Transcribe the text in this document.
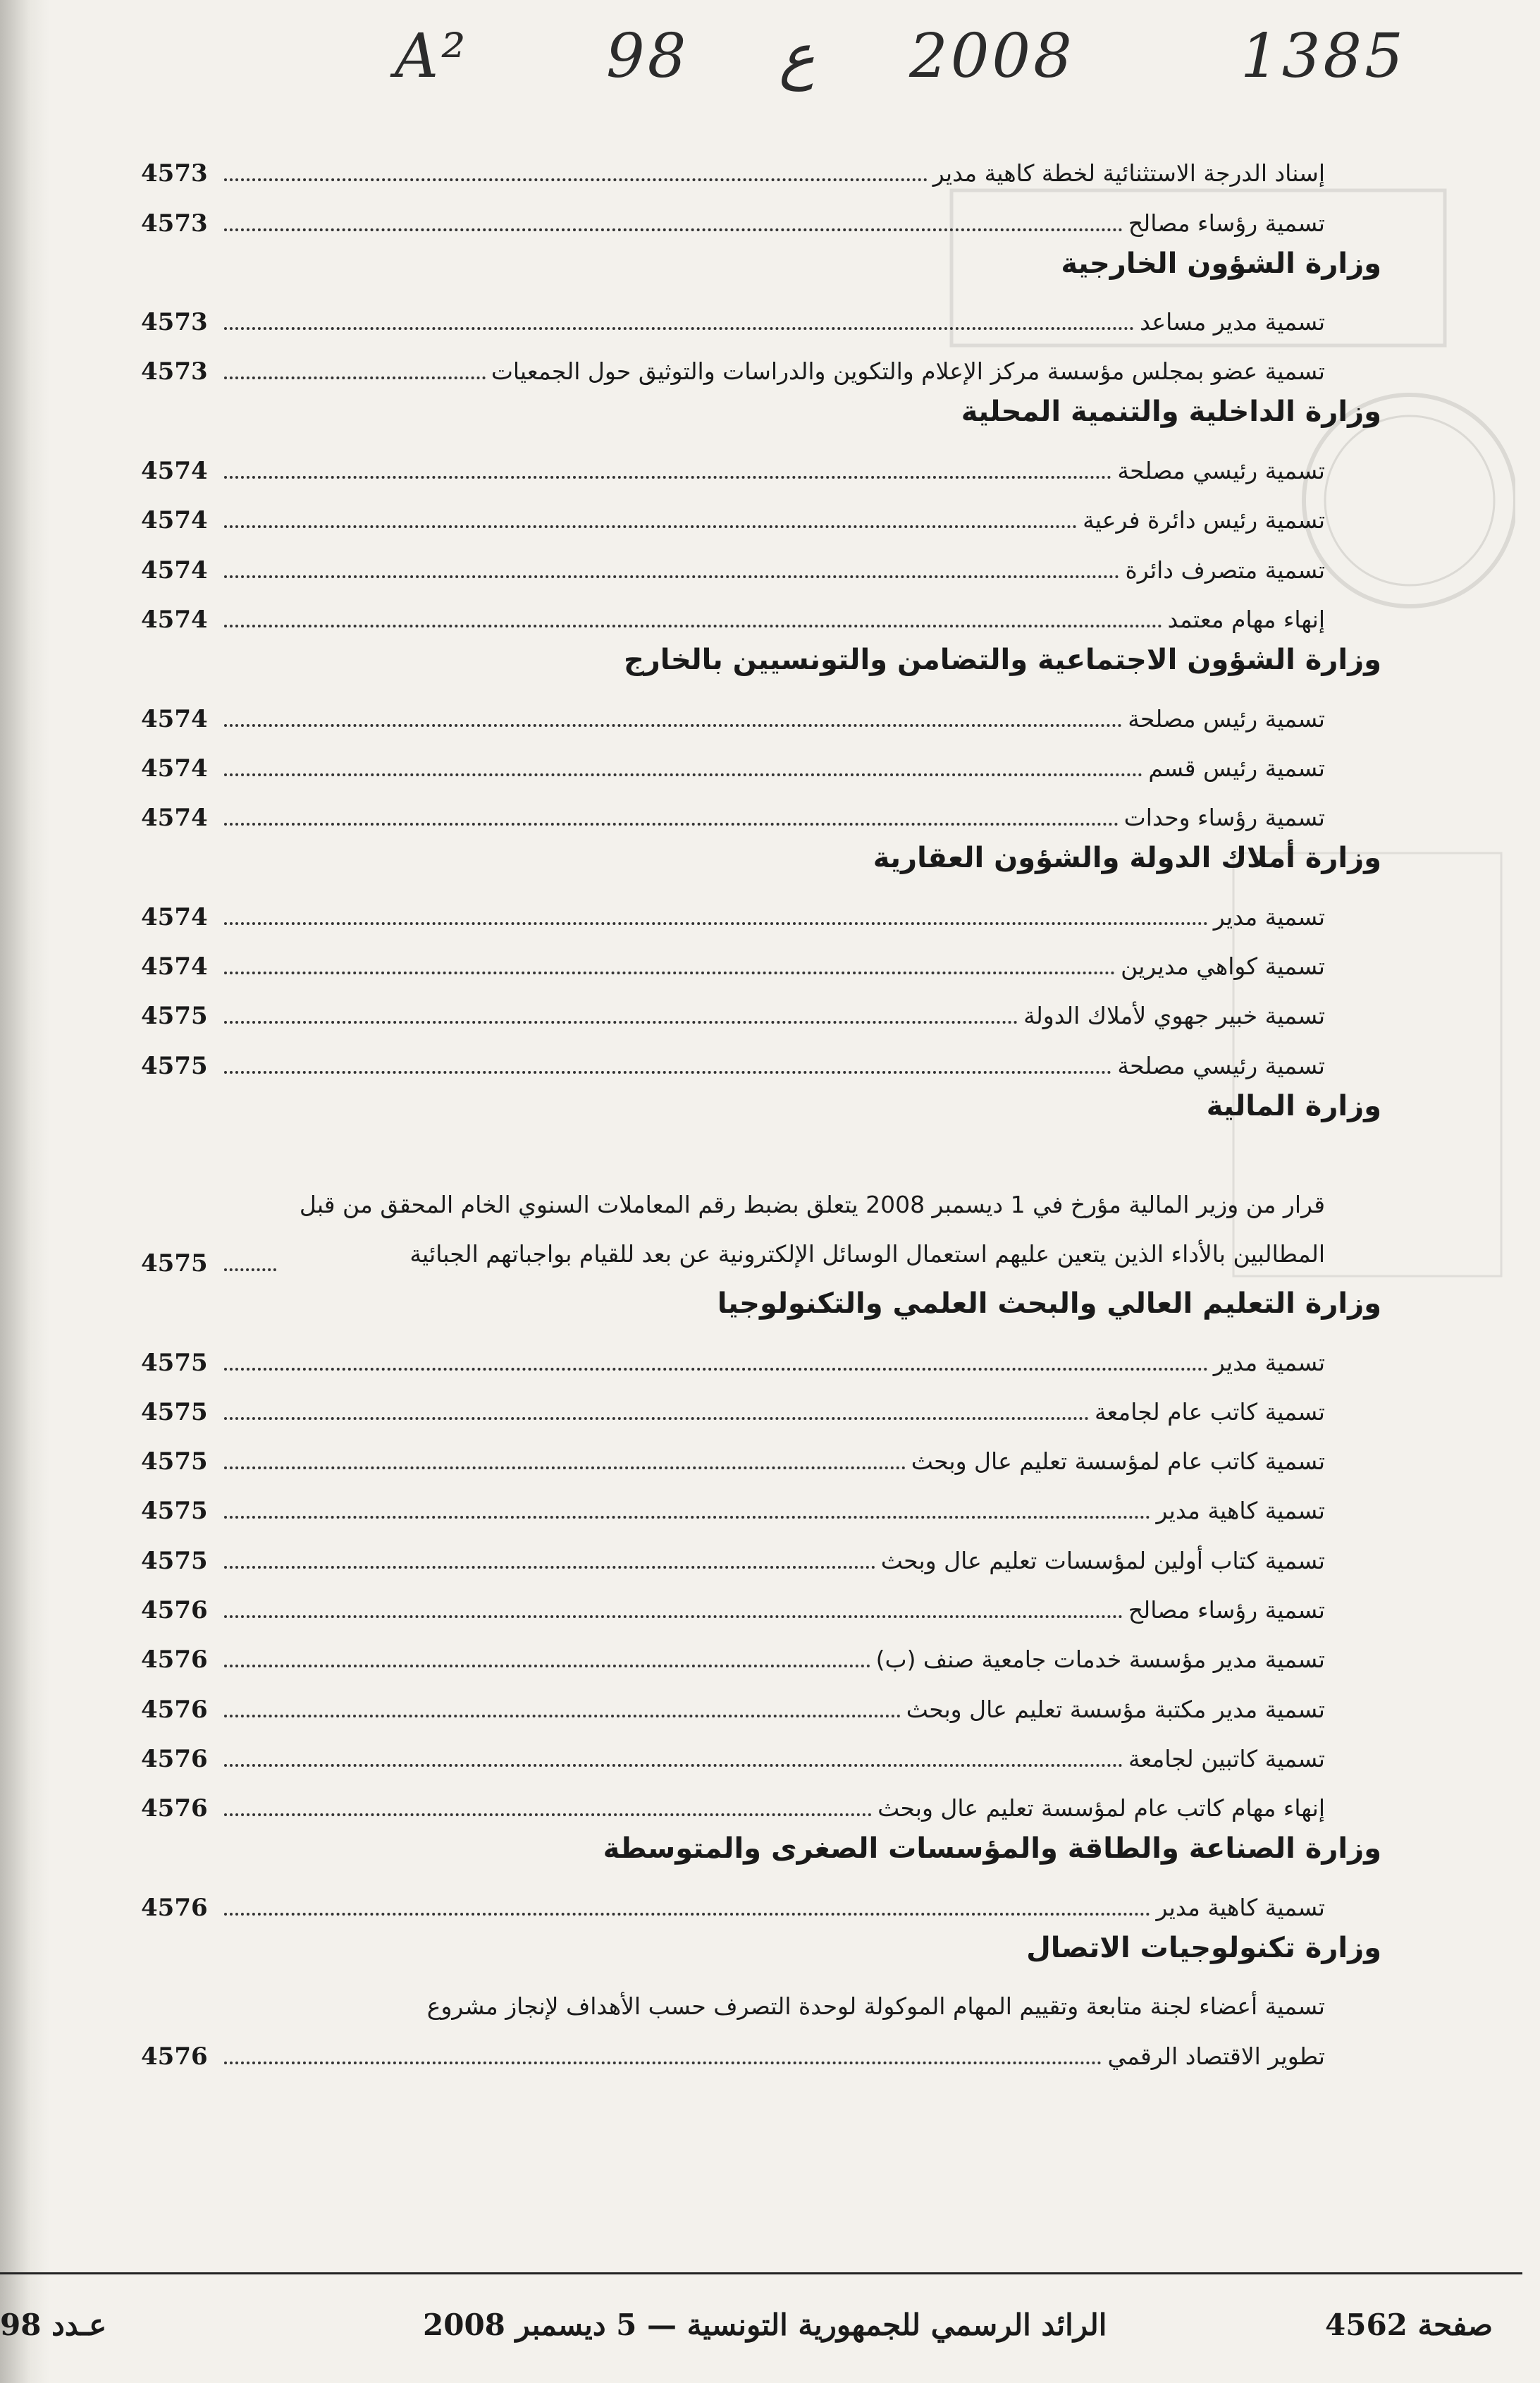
A² 98 ع 2008	1385
إسناد الدرجة الاستثنائية لخطة كاهية مدير
4573
تسمية رؤساء مصالح
4573
وزارة الشؤون الخارجية
تسمية مدير مساعد
4573
تسمية عضو بمجلس مؤسسة مركز الإعلام والتكوين والدراسات والتوثيق حول الجمعيات
4573
وزارة الداخلية والتنمية المحلية
تسمية رئيسي مصلحة
4574
تسمية رئيس دائرة فرعية
4574
تسمية متصرف دائرة
4574
إنهاء مهام معتمد
4574
وزارة الشؤون الاجتماعية والتضامن والتونسيين بالخارج
تسمية رئيس مصلحة
4574
تسمية رئيس قسم
4574
تسمية رؤساء وحدات
4574
وزارة أملاك الدولة والشؤون العقارية
تسمية مدير
4574
تسمية كواهي مديرين
4574
تسمية خبير جهوي لأملاك الدولة
4575
تسمية رئيسي مصلحة
4575
وزارة المالية
قرار من وزير المالية مؤرخ في 1 ديسمبر 2008 يتعلق بضبط رقم المعاملات السنوي الخام المحقق من قبل المطالبين بالأداء الذين يتعين عليهم استعمال الوسائل الإلكترونية عن بعد للقيام بواجباتهم الجبائية
4575
وزارة التعليم العالي والبحث العلمي والتكنولوجيا
تسمية مدير
4575
تسمية كاتب عام لجامعة
4575
تسمية كاتب عام لمؤسسة تعليم عال وبحث
4575
تسمية كاهية مدير
4575
تسمية كتاب أولين لمؤسسات تعليم عال وبحث
4575
تسمية رؤساء مصالح
4576
تسمية مدير مؤسسة خدمات جامعية صنف (ب)
4576
تسمية مدير مكتبة مؤسسة تعليم عال وبحث
4576
تسمية كاتبين لجامعة
4576
إنهاء مهام كاتب عام لمؤسسة تعليم عال وبحث
4576
وزارة الصناعة والطاقة والمؤسسات الصغرى والمتوسطة
تسمية كاهية مدير
4576
وزارة تكنولوجيات الاتصال
تسمية أعضاء لجنة متابعة وتقييم المهام الموكولة لوحدة التصرف حسب الأهداف لإنجاز مشروع
تطوير الاقتصاد الرقمي
4576
صفحة 4562
الرائد الرسمي للجمهورية التونسية — 5 ديسمبر 2008
عـدد 98
